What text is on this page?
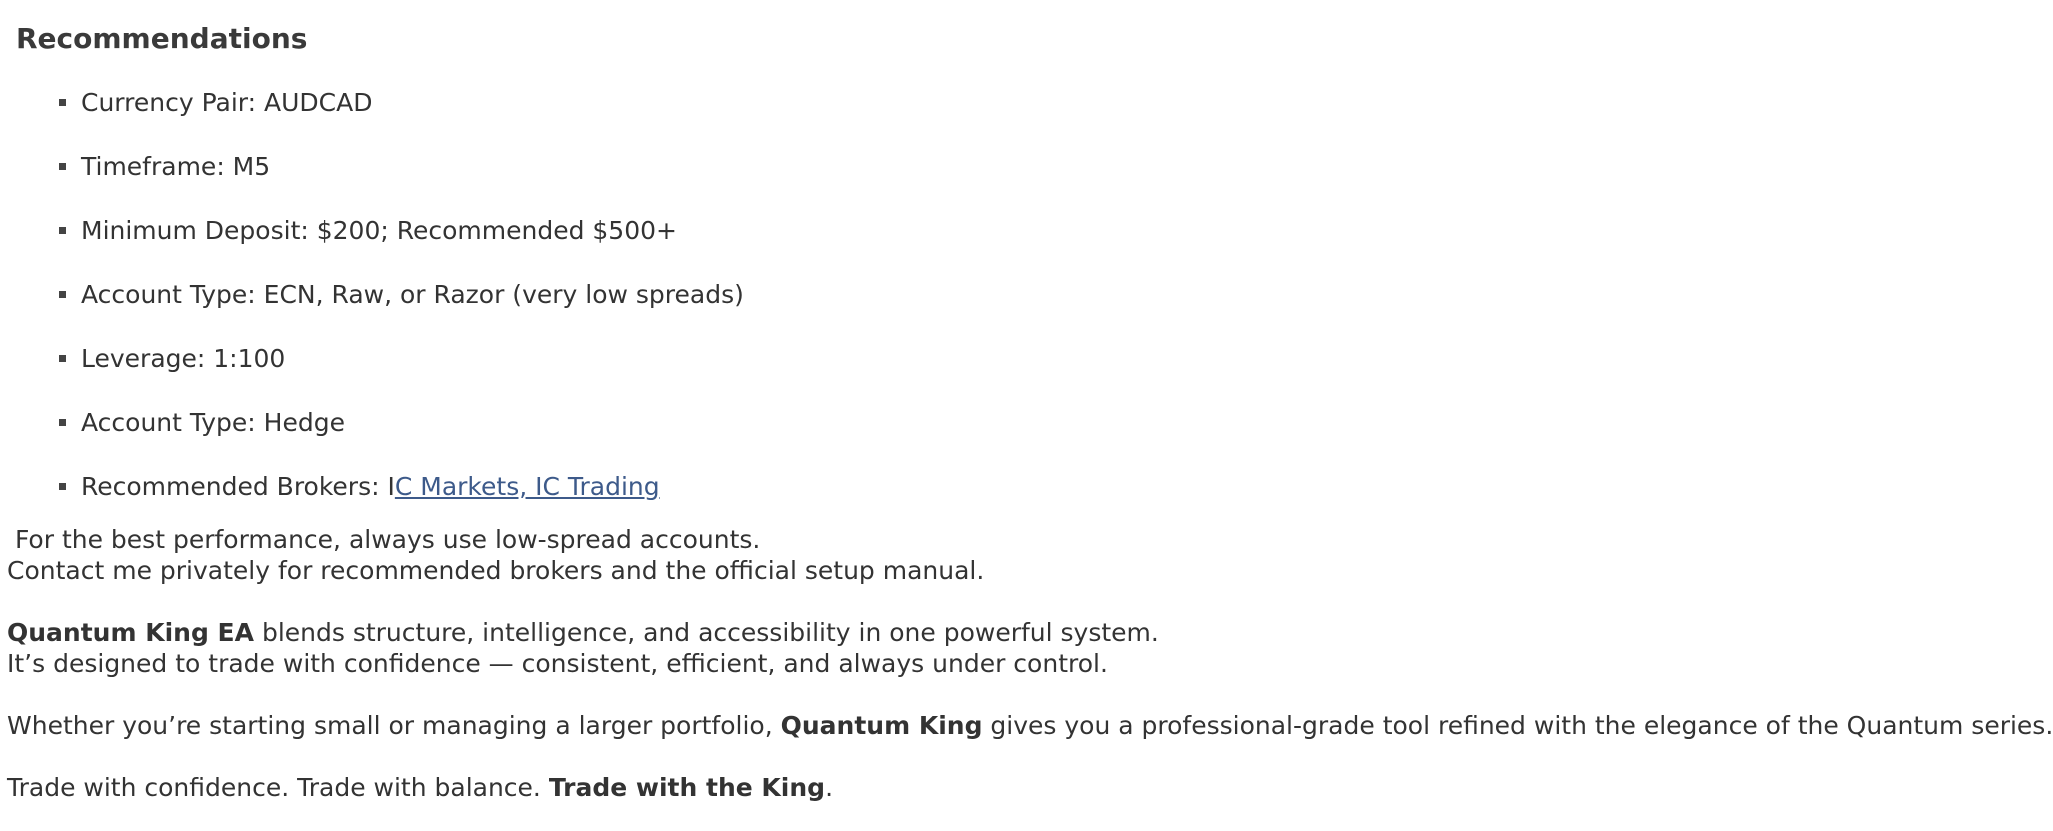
Recommendations
Currency Pair: AUDCAD
Timeframe: M5
Minimum Deposit: $200; Recommended $500+
Account Type: ECN, Raw, or Razor (very low spreads)
Leverage: 1:100
Account Type: Hedge
Recommended Brokers: IC Markets, IC Trading

For the best performance, always use low-spread accounts.

Contact me privately for recommended brokers and the official setup manual.

Quantum King EA blends structure, intelligence, and accessibility in one powerful system.

It’s designed to trade with confidence — consistent, efficient, and always under control.

Whether you’re starting small or managing a larger portfolio, Quantum King gives you a professional-grade tool refined with the elegance of the Quantum series.

Trade with confidence. Trade with balance. Trade with the King.
